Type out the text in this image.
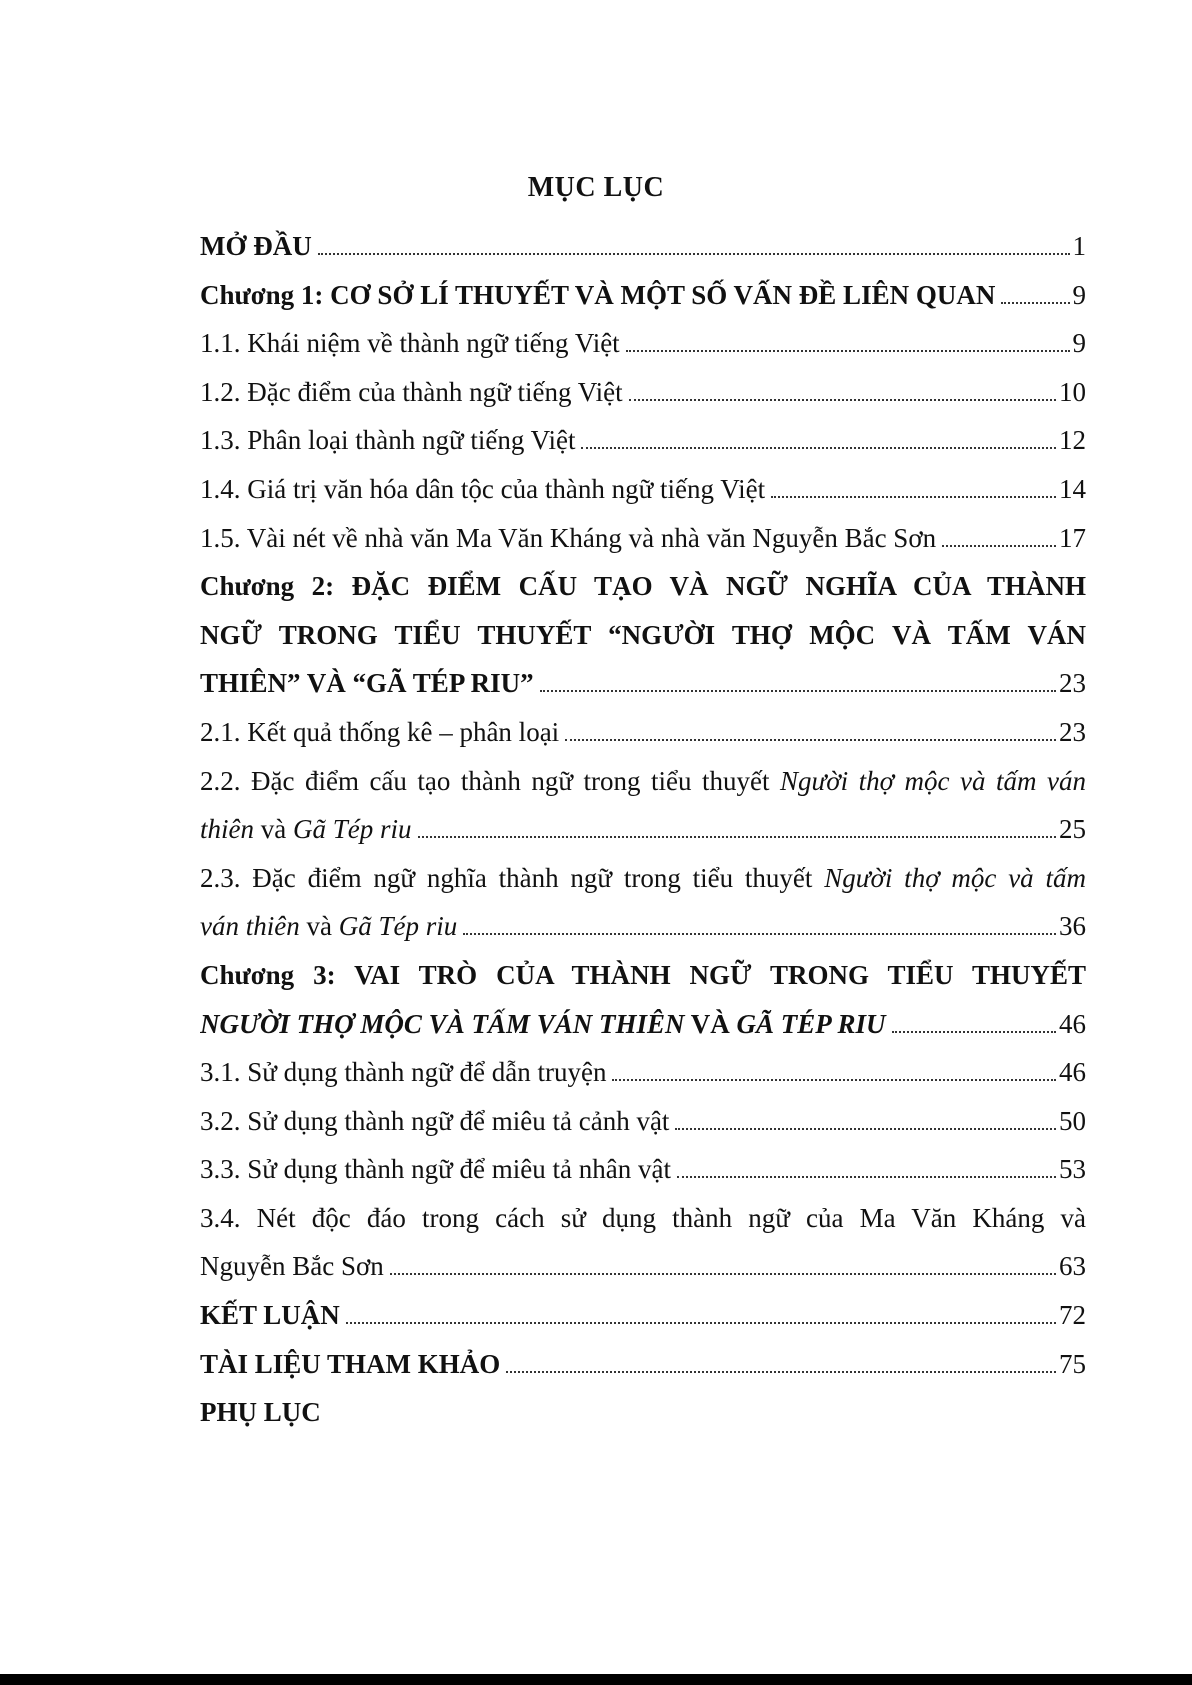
MỤC LỤC
MỞ ĐẦU	1
Chương 1: CƠ SỞ LÍ THUYẾT VÀ MỘT SỐ VẤN ĐỀ LIÊN QUAN	9
1.1. Khái niệm về thành ngữ tiếng Việt	9
1.2. Đặc điểm của thành ngữ tiếng Việt	10
1.3. Phân loại thành ngữ tiếng Việt	12
1.4. Giá trị văn hóa dân tộc của thành ngữ tiếng Việt	14
1.5. Vài nét về nhà văn Ma Văn Kháng và nhà văn Nguyễn Bắc Sơn	17
Chương 2: ĐẶC ĐIỂM CẤU TẠO VÀ NGỮ NGHĨA CỦA THÀNH
NGỮ TRONG TIỂU THUYẾT “NGƯỜI THỢ MỘC VÀ TẤM VÁN
THIÊN” VÀ “GÃ TÉP RIU”	23
2.1. Kết quả thống kê – phân loại	23
2.2. Đặc điểm cấu tạo thành ngữ trong tiểu thuyết Người thợ mộc và tấm ván
thiên và Gã Tép riu	25
2.3. Đặc điểm ngữ nghĩa thành ngữ trong tiểu thuyết Người thợ mộc và tấm
ván thiên và Gã Tép riu	36
Chương 3: VAI TRÒ CỦA THÀNH NGỮ TRONG TIỂU THUYẾT
NGƯỜI THỢ MỘC VÀ TẤM VÁN THIÊN VÀ GÃ TÉP RIU	46
3.1. Sử dụng thành ngữ để dẫn truyện	46
3.2. Sử dụng thành ngữ để miêu tả cảnh vật	50
3.3. Sử dụng thành ngữ để miêu tả nhân vật	53
3.4. Nét độc đáo trong cách sử dụng thành ngữ của Ma Văn Kháng và
Nguyễn Bắc Sơn	63
KẾT LUẬN	72
TÀI LIỆU THAM KHẢO	75
PHỤ LỤC
